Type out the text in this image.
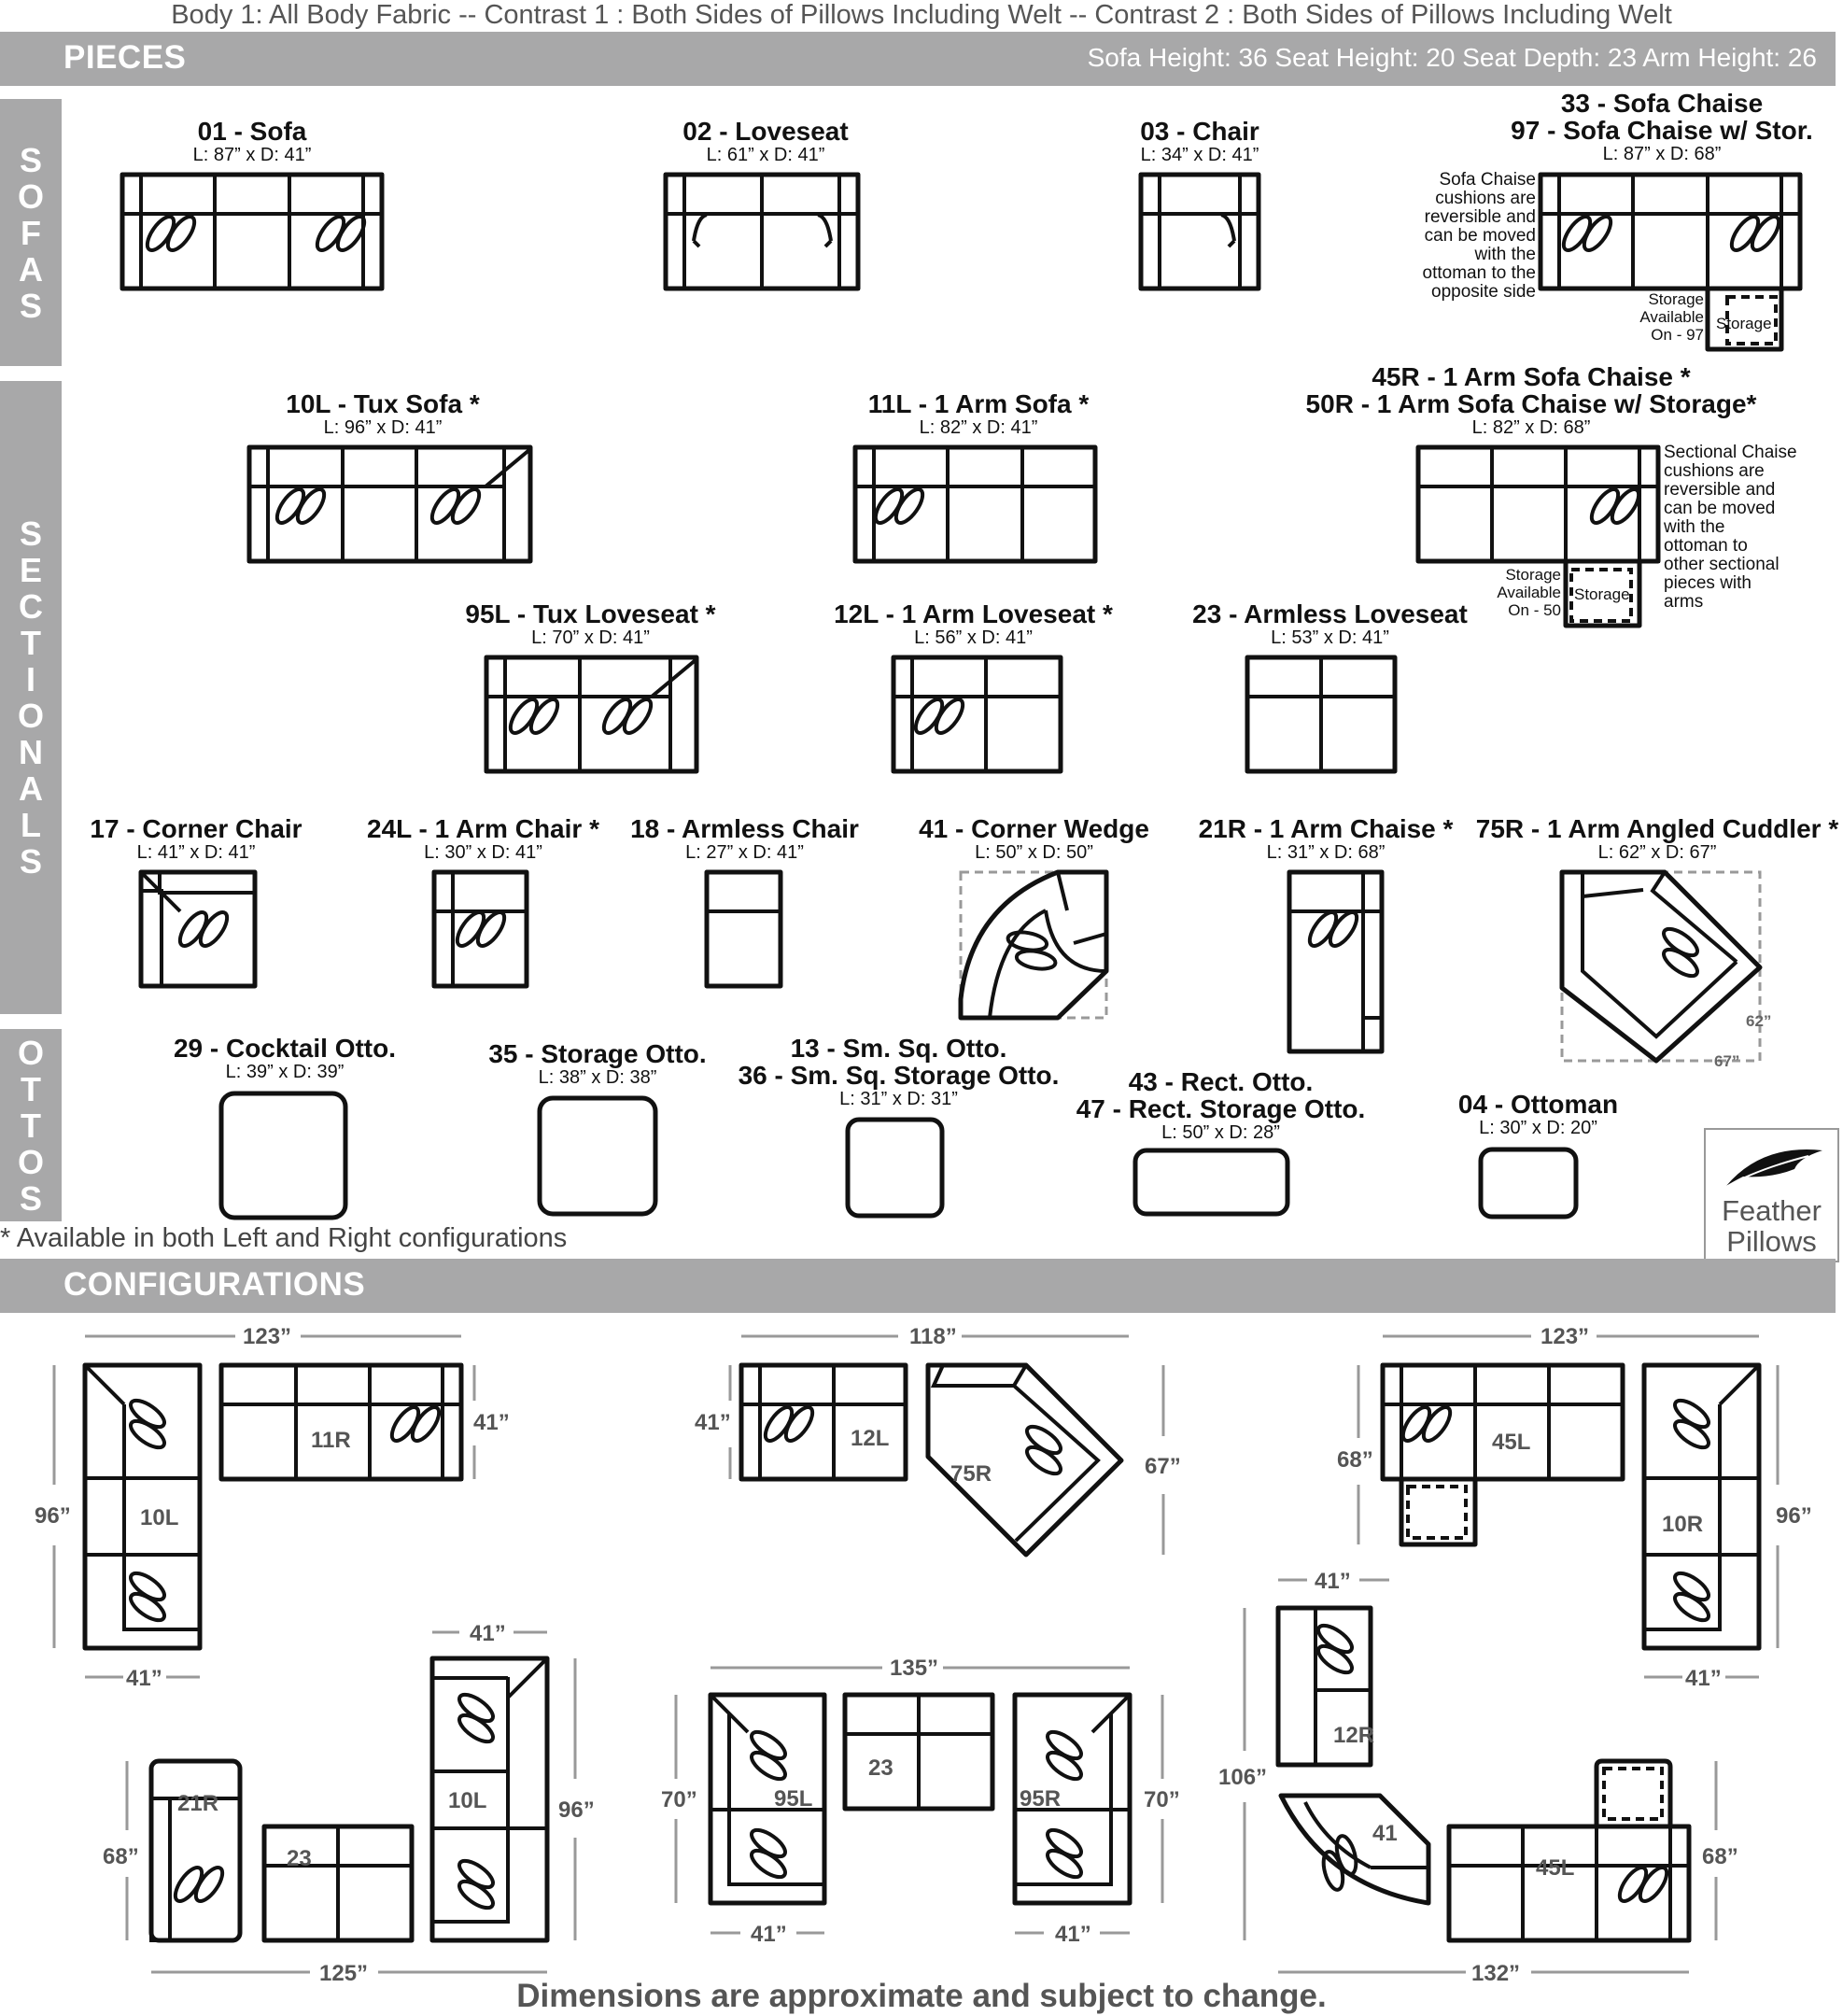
Body 1: All Body Fabric -- Contrast 1 : Both Sides of Pillows Including Welt -- Contrast 2 : Both Sides of Pillows Including Welt
PIECES	Sofa Height: 36 Seat Height: 20 Seat Depth: 23 Arm Height: 26
S
O
F
A
S
S
E
C
T
I
O
N
A
L
S
O
T
T
O
S
01 - Sofa
L: 87” x D: 41”
02 - Loveseat
L: 61” x D: 41”
03 - Chair
L: 34” x D: 41”
33 - Sofa Chaise
97 - Sofa Chaise w/ Stor.
L: 87” x D: 68”
10L - Tux Sofa *
L: 96” x D: 41”
11L - 1 Arm Sofa *
L: 82” x D: 41”
45R - 1 Arm Sofa Chaise *
50R - 1 Arm Sofa Chaise w/ Storage*
L: 82” x D: 68”
95L - Tux Loveseat *
L: 70” x D: 41”
12L - 1 Arm Loveseat *
L: 56” x D: 41”
23 - Armless Loveseat
L: 53” x D: 41”
17 - Corner Chair
L: 41” x D: 41”
24L - 1 Arm Chair *
L: 30” x D: 41”
18 - Armless Chair
L: 27” x D: 41”
41 - Corner Wedge
L: 50” x D: 50”
21R - 1 Arm Chaise *
L: 31” x D: 68”
75R - 1 Arm Angled Cuddler *
L: 62” x D: 67”
29 - Cocktail Otto.
L: 39” x D: 39”
35 - Storage Otto.
L: 38” x D: 38”
13 - Sm. Sq. Otto.
36 - Sm. Sq. Storage Otto.
L: 31” x D: 31”
43 - Rect. Otto.
47 - Rect. Storage Otto.
L: 50” x D: 28”
04 - Ottoman
L: 30” x D: 20”
Sofa Chaise
cushions are
reversible and
can be moved
with the
ottoman to the
opposite side	Storage
Available
On - 97
Storage
Storage
Available
On - 50
Storage
Sectional Chaise
cushions are
reversible and
can be moved
with the
ottoman to
other sectional
pieces with
arms
62”
67”
* Available in both Left and Right configurations
Feather
Pillows
CONFIGURATIONS
123”
41”
96”
41”
118”
41”
67”
123”
68”
96”
41”
41”
68”
96”
125”
135”
70”	70”
41”	41”
41”
106”
68”
132”
11R
10L
12L
75R
45L
10R
21R
23
10L
23
95L	95R
12R
41
45L
Dimensions are approximate and subject to change.
